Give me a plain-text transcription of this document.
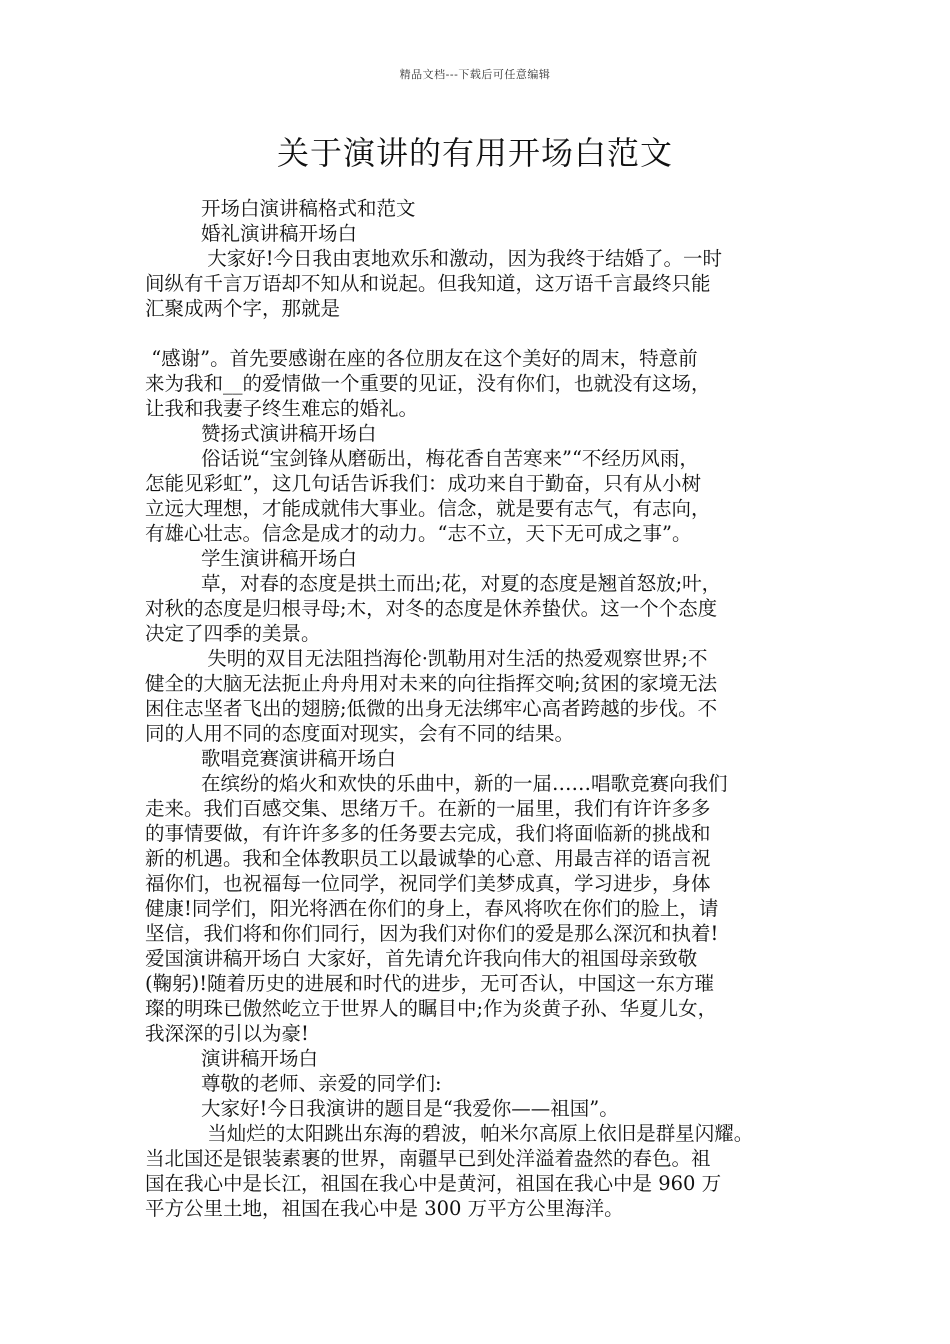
精品文档---下载后可任意编辑
关于演讲的有用开场白范文
开场白演讲稿格式和范文
婚礼演讲稿开场白
大家好!今日我由衷地欢乐和激动，因为我终于结婚了。一时
间纵有千言万语却不知从和说起。但我知道，这万语千言最终只能
汇聚成两个字，那就是
“感谢”。首先要感谢在座的各位朋友在这个美好的周末，特意前
来为我和__的爱情做一个重要的见证，没有你们，也就没有这场，
让我和我妻子终生难忘的婚礼。
赞扬式演讲稿开场白
俗话说“宝剑锋从磨砺出，梅花香自苦寒来”“不经历风雨，
怎能见彩虹”，这几句话告诉我们：成功来自于勤奋，只有从小树
立远大理想，才能成就伟大事业。信念，就是要有志气，有志向，
有雄心壮志。信念是成才的动力。“志不立，天下无可成之事”。
学生演讲稿开场白
草，对春的态度是拱土而出;花，对夏的态度是翘首怒放;叶，
对秋的态度是归根寻母;木，对冬的态度是休养蛰伏。这一个个态度
决定了四季的美景。
失明的双目无法阻挡海伦·凯勒用对生活的热爱观察世界;不
健全的大脑无法扼止舟舟用对未来的向往指挥交响;贫困的家境无法
困住志坚者飞出的翅膀;低微的出身无法绑牢心高者跨越的步伐。不
同的人用不同的态度面对现实，会有不同的结果。
歌唱竞赛演讲稿开场白
在缤纷的焰火和欢快的乐曲中，新的一届……唱歌竞赛向我们
走来。我们百感交集、思绪万千。在新的一届里，我们有许许多多
的事情要做，有许许多多的任务要去完成，我们将面临新的挑战和
新的机遇。我和全体教职员工以最诚挚的心意、用最吉祥的语言祝
福你们，也祝福每一位同学，祝同学们美梦成真，学习进步，身体
健康!同学们，阳光将洒在你们的身上，春风将吹在你们的脸上，请
坚信，我们将和你们同行，因为我们对你们的爱是那么深沉和执着!
爱国演讲稿开场白 大家好，首先请允许我向伟大的祖国母亲致敬
(鞠躬)!随着历史的进展和时代的进步，无可否认，中国这一东方璀
璨的明珠已傲然屹立于世界人的瞩目中;作为炎黄子孙、华夏儿女，
我深深的引以为豪!
演讲稿开场白
尊敬的老师、亲爱的同学们:
大家好!今日我演讲的题目是“我爱你——祖国”。
当灿烂的太阳跳出东海的碧波，帕米尔高原上依旧是群星闪耀。
当北国还是银装素裹的世界，南疆早已到处洋溢着盎然的春色。祖
国在我心中是长江，祖国在我心中是黄河，祖国在我心中是 960 万
平方公里土地，祖国在我心中是 300 万平方公里海洋。
